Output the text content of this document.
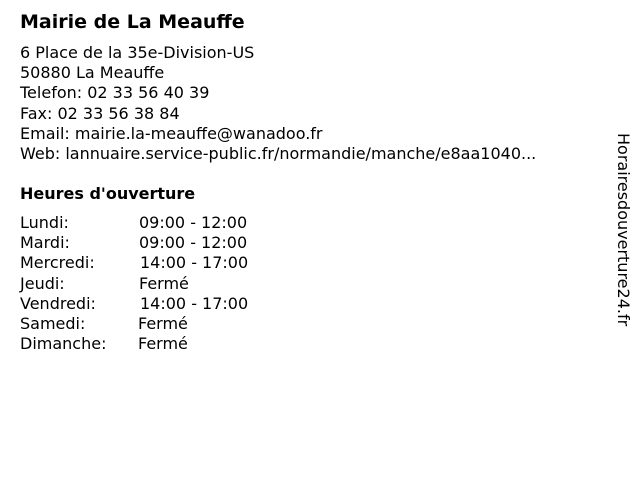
Mairie de La Meauffe
6 Place de la 35e-Division-US
50880 La Meauffe
Telefon: 02 33 56 40 39
Fax: 02 33 56 38 84
Email: mairie.la-meauffe@wanadoo.fr
Web: lannuaire.service-public.fr/normandie/manche/e8aa1040...
Heures d'ouverture
Lundi:	09:00 - 12:00
Mardi:	09:00 - 12:00
Mercredi:	14:00 - 17:00
Jeudi:	Fermé
Vendredi:	14:00 - 17:00
Samedi:	Fermé
Dimanche: Fermé
Horairesdouverture24.fr
